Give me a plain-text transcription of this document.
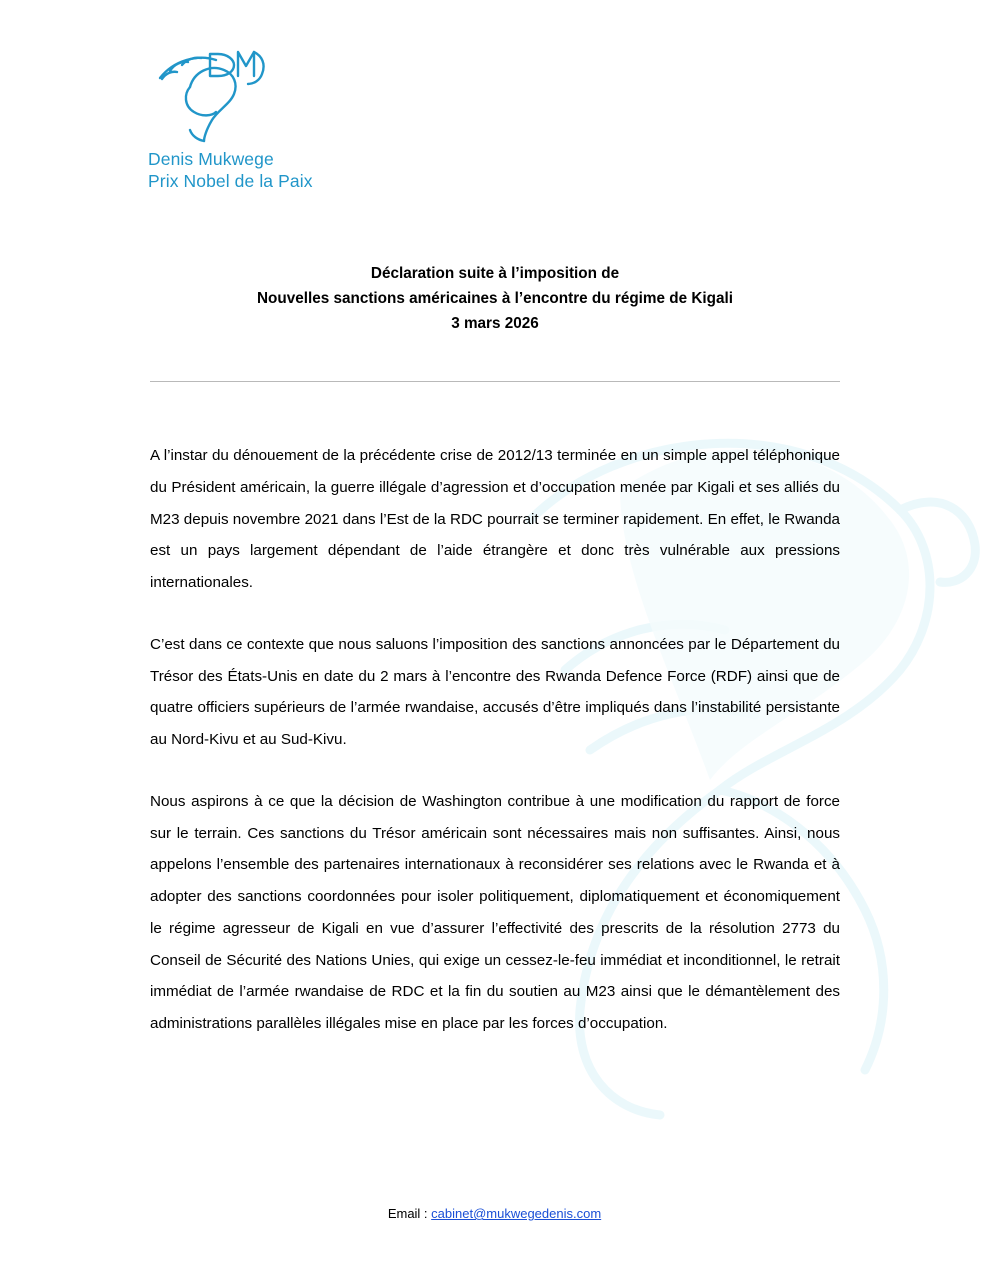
Denis Mukwege
Prix Nobel de la Paix
Déclaration suite à l’imposition de
Nouvelles sanctions américaines à l’encontre du régime de Kigali
3 mars 2026

A l’instar du dénouement de la précédente crise de 2012/13 terminée en un simple appel téléphonique du Président américain, la guerre illégale d’agression et d’occupation menée par Kigali et ses alliés du M23 depuis novembre 2021 dans l’Est de la RDC pourrait se terminer rapidement. En effet, le Rwanda est un pays largement dépendant de l’aide étrangère et donc très vulnérable aux pressions internationales.

C’est dans ce contexte que nous saluons l’imposition des sanctions annoncées par le Département du Trésor des États-Unis en date du 2 mars à l’encontre des Rwanda Defence Force (RDF) ainsi que de quatre officiers supérieurs de l’armée rwandaise, accusés d’être impliqués dans l’instabilité persistante au Nord-Kivu et au Sud-Kivu.

Nous aspirons à ce que la décision de Washington contribue à une modification du rapport de force sur le terrain. Ces sanctions du Trésor américain sont nécessaires mais non suffisantes. Ainsi, nous appelons l’ensemble des partenaires internationaux à reconsidérer ses relations avec le Rwanda et à adopter des sanctions coordonnées pour isoler politiquement, diplomatiquement et économiquement le régime agresseur de Kigali en vue d’assurer l’effectivité des prescrits de la résolution 2773 du Conseil de Sécurité des Nations Unies, qui exige un cessez-le-feu immédiat et inconditionnel, le retrait immédiat de l’armée rwandaise de RDC et la fin du soutien au M23 ainsi que le démantèlement des administrations parallèles illégales mise en place par les forces d’occupation.

Email : cabinet@mukwegedenis.com
